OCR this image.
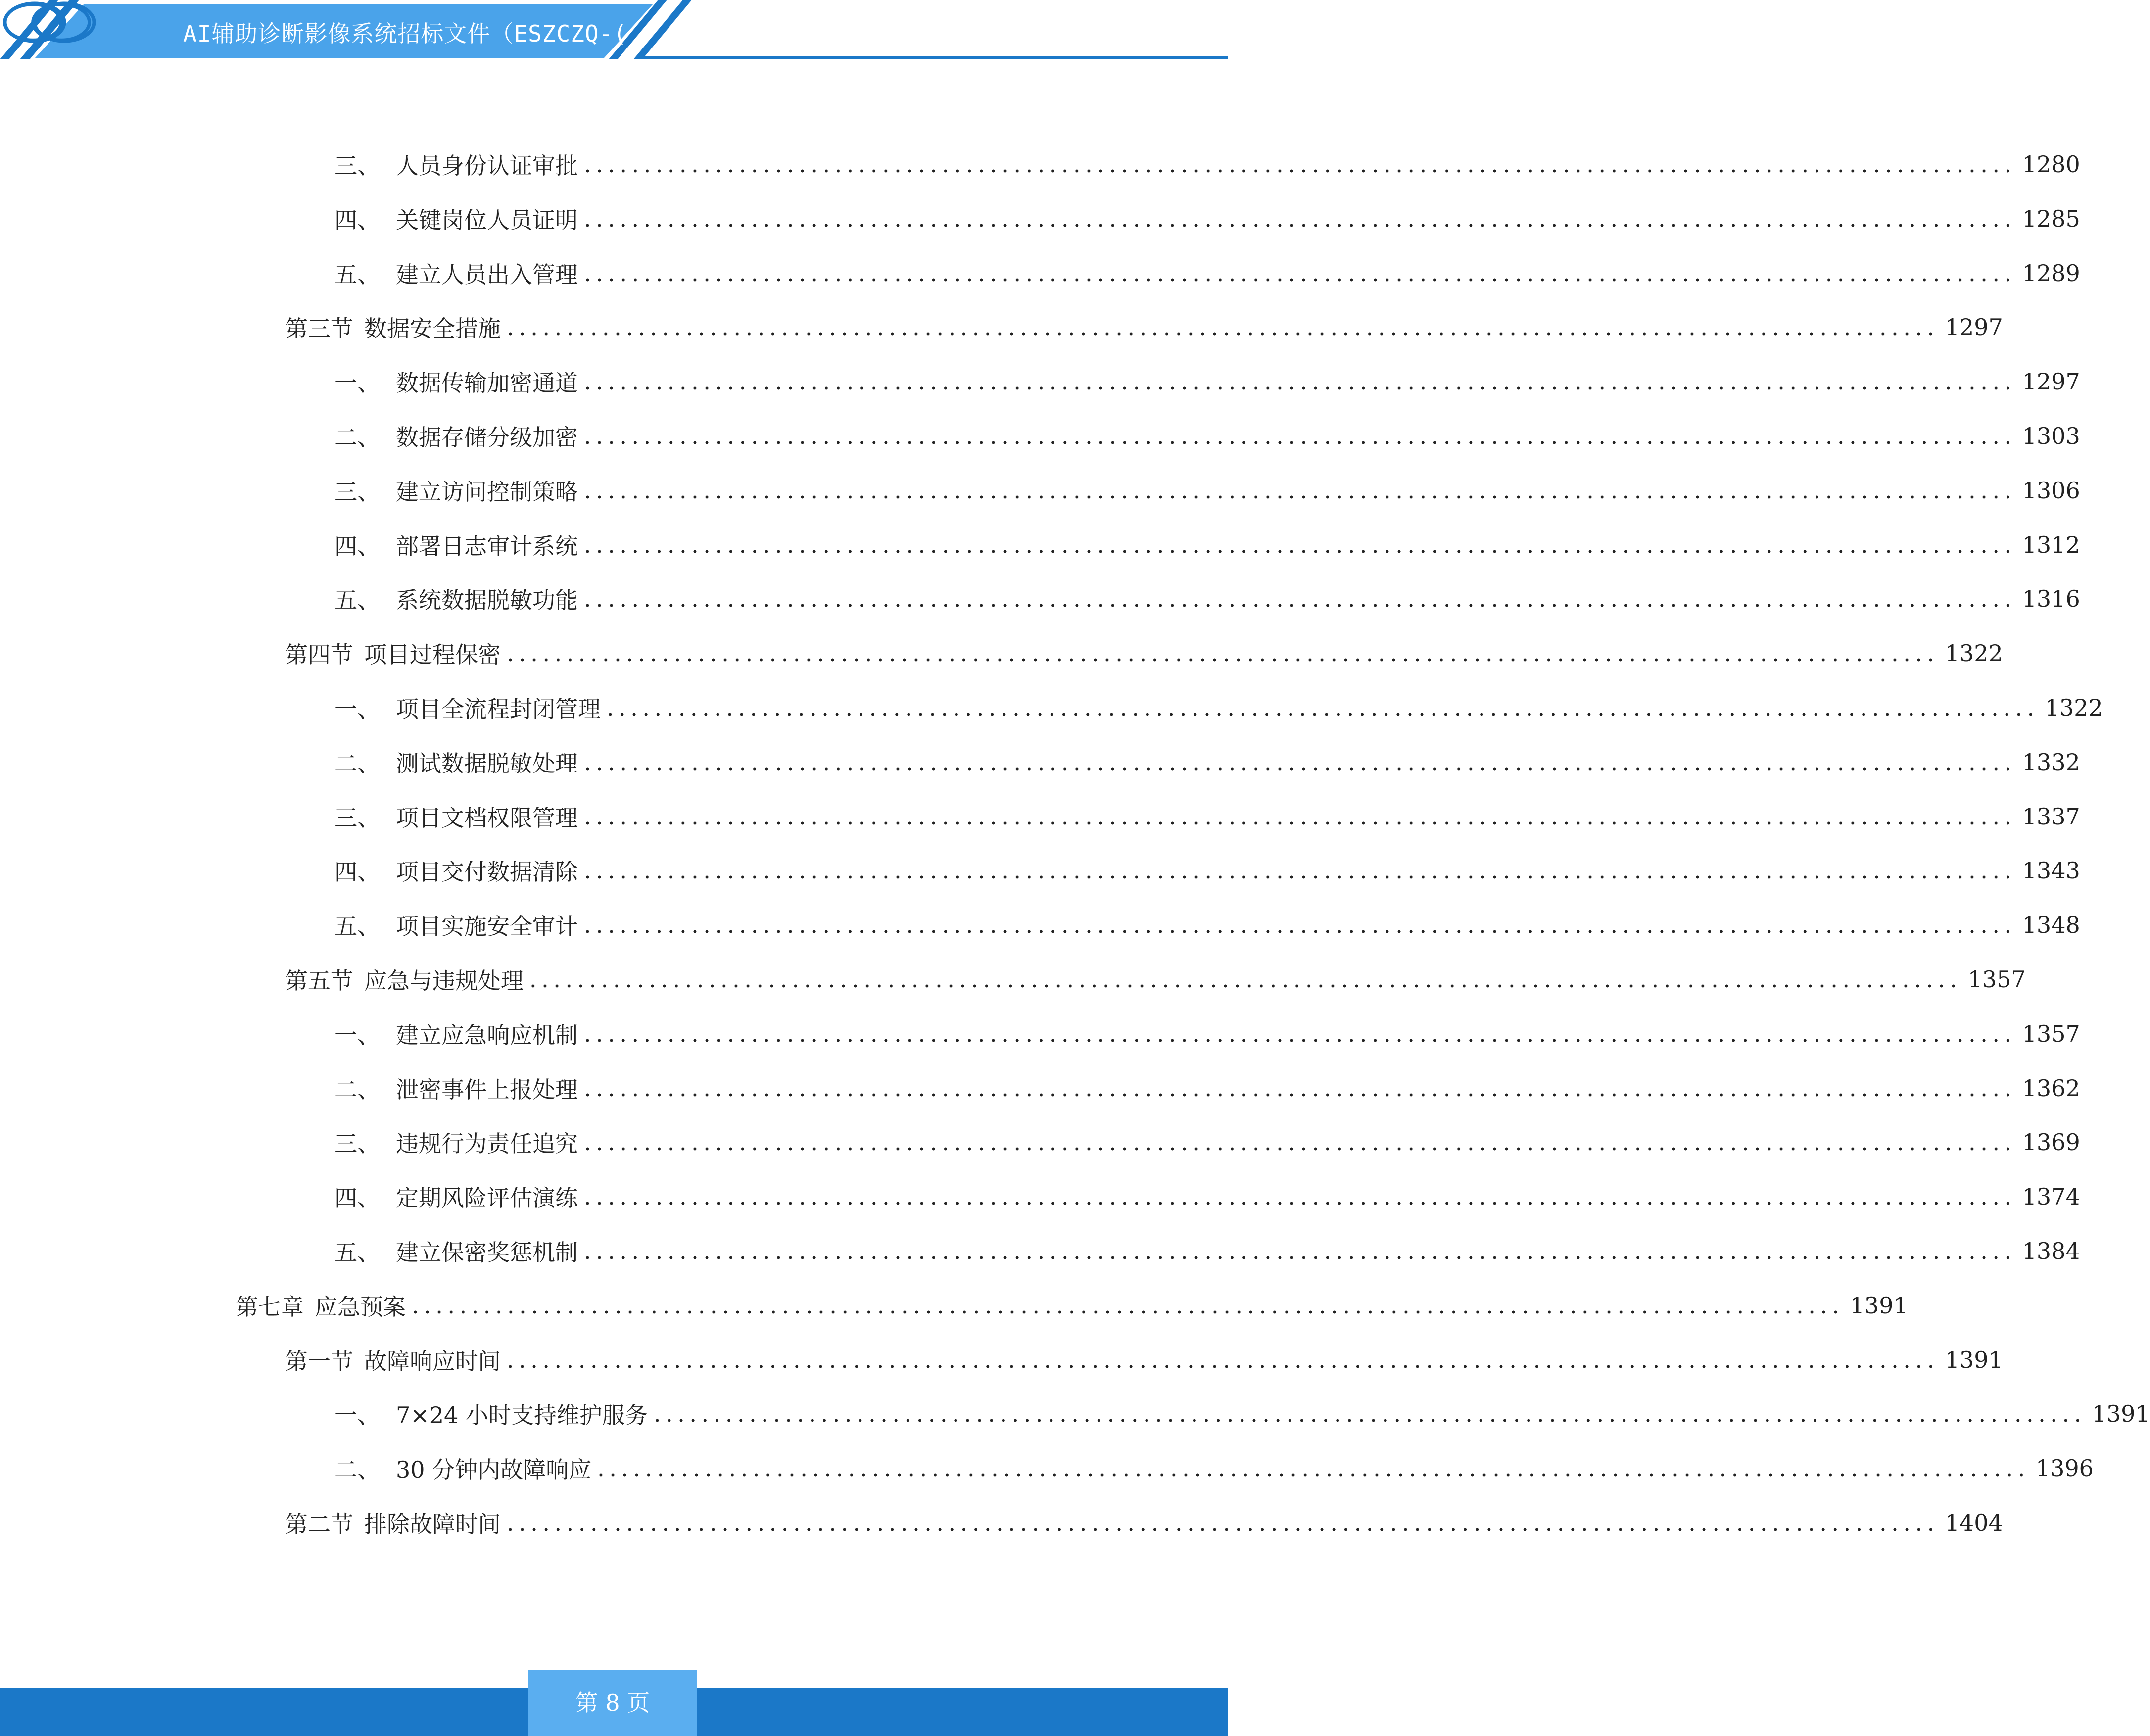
AI辅助诊断影像系统招标文件（ESZCZQ-(
三、 人员身份认证审批 ........................................................................................................................ 1280
四、 关键岗位人员证明 ........................................................................................................................ 1285
五、 建立人员出入管理 ........................................................................................................................ 1289
第三节 数据安全措施 ........................................................................................................................ 1297
一、 数据传输加密通道 ........................................................................................................................ 1297
二、 数据存储分级加密 ........................................................................................................................ 1303
三、 建立访问控制策略 ........................................................................................................................ 1306
四、 部署日志审计系统 ........................................................................................................................ 1312
五、 系统数据脱敏功能 ........................................................................................................................ 1316
第四节 项目过程保密 ........................................................................................................................ 1322
一、 项目全流程封闭管理 ........................................................................................................................ 1322
二、 测试数据脱敏处理 ........................................................................................................................ 1332
三、 项目文档权限管理 ........................................................................................................................ 1337
四、 项目交付数据清除 ........................................................................................................................ 1343
五、 项目实施安全审计 ........................................................................................................................ 1348
第五节 应急与违规处理 ........................................................................................................................ 1357
一、 建立应急响应机制 ........................................................................................................................ 1357
二、 泄密事件上报处理 ........................................................................................................................ 1362
三、 违规行为责任追究 ........................................................................................................................ 1369
四、 定期风险评估演练 ........................................................................................................................ 1374
五、 建立保密奖惩机制 ........................................................................................................................ 1384
第七章 应急预案 ........................................................................................................................ 1391
第一节 故障响应时间 ........................................................................................................................ 1391
一、 7×24 小时支持维护服务 ........................................................................................................................ 1391
二、 30 分钟内故障响应 ........................................................................................................................ 1396
第二节 排除故障时间 ........................................................................................................................ 1404
第 8 页
